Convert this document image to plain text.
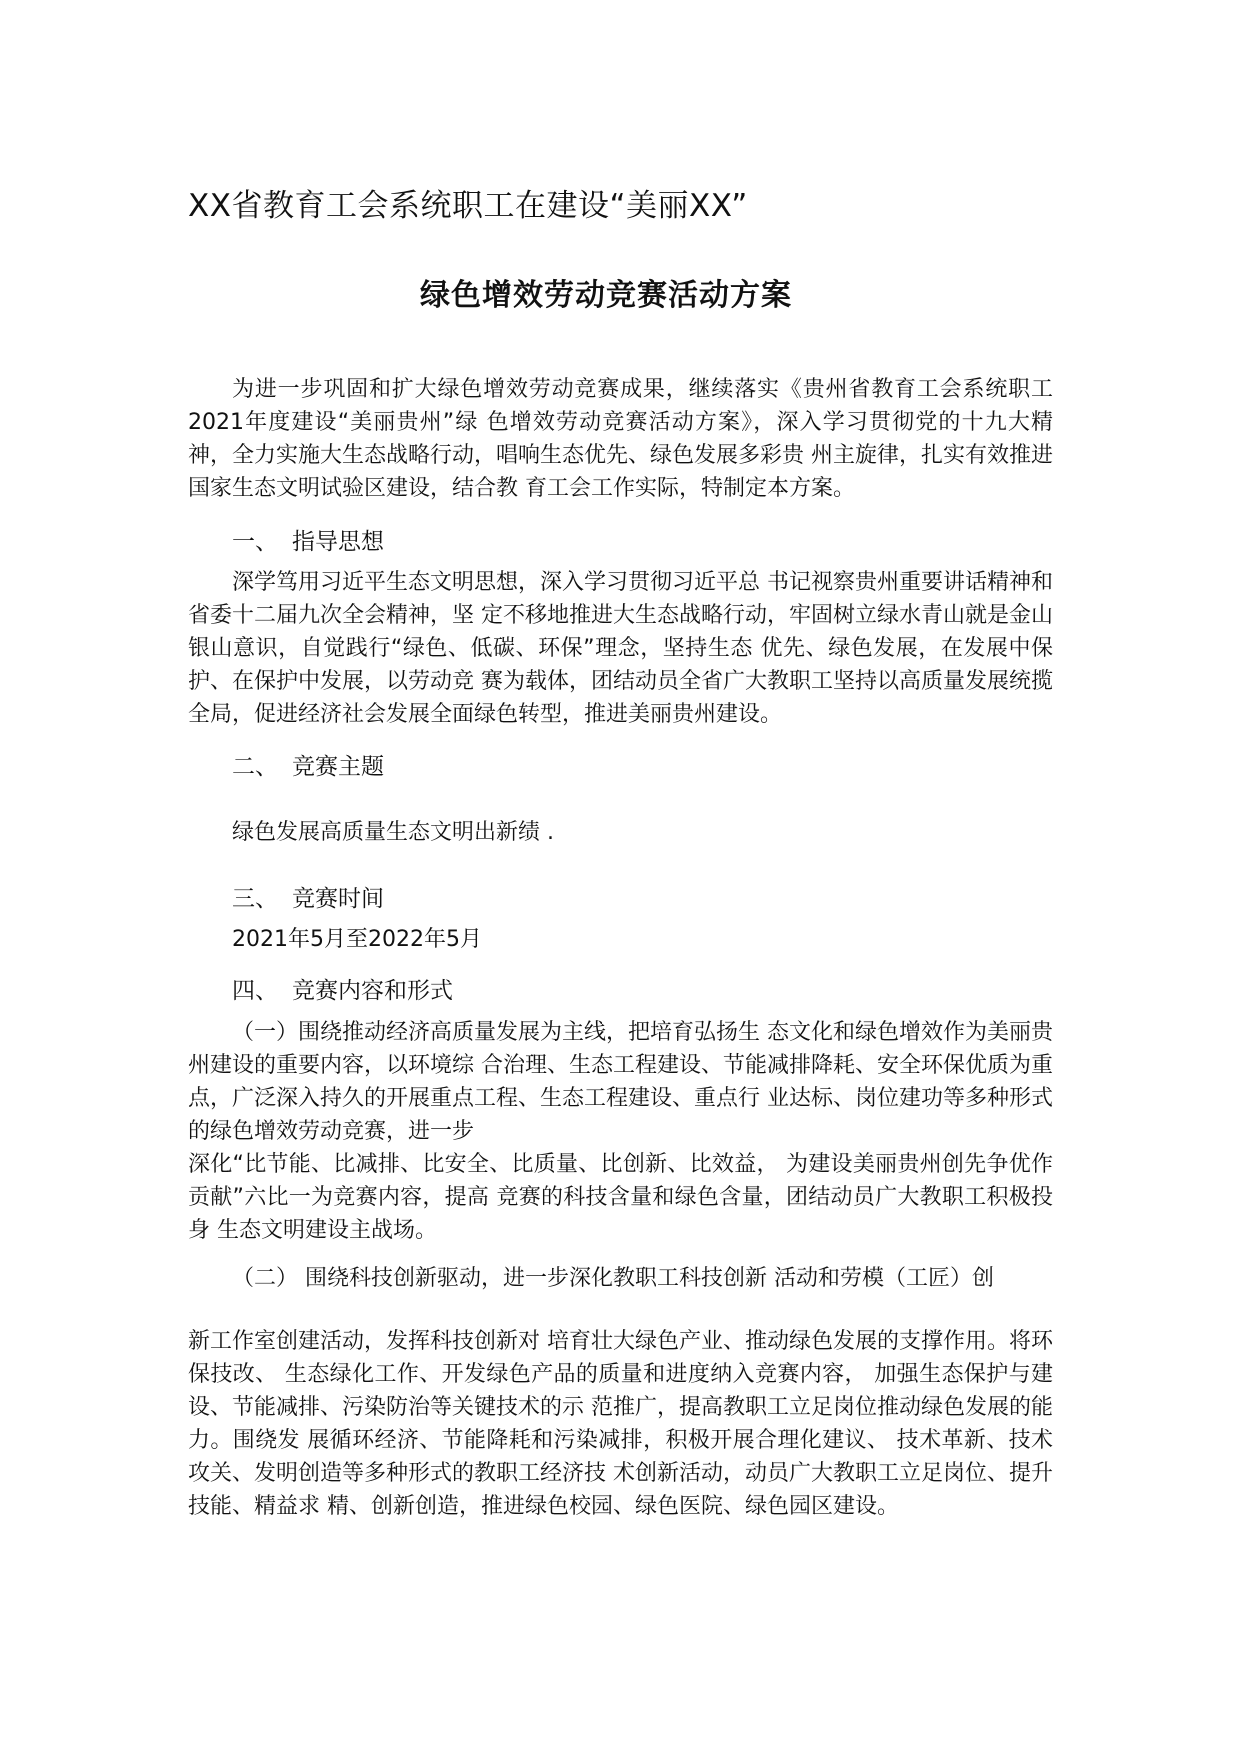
XX省教育工会系统职工在建设“美丽XX”
绿色增效劳动竞赛活动方案

为进一步巩固和扩大绿色增效劳动竞赛成果，继续落实《贵州省教育工会系统职工2021年度建设“美丽贵州”绿 色增效劳动竞赛活动方案》，深入学习贯彻党的十九大精神，全力实施大生态战略行动，唱响生态优先、绿色发展多彩贵 州主旋律，扎实有效推进国家生态文明试验区建设，结合教 育工会工作实际，特制定本方案。

一、 指导思想

深学笃用习近平生态文明思想，深入学习贯彻习近平总 书记视察贵州重要讲话精神和省委十二届九次全会精神，坚 定不移地推进大生态战略行动，牢固树立绿水青山就是金山 银山意识，自觉践行“绿色、低碳、环保”理念，坚持生态 优先、绿色发展，在发展中保护、在保护中发展，以劳动竞 赛为载体，团结动员全省广大教职工坚持以高质量发展统揽 全局，促进经济社会发展全面绿色转型，推进美丽贵州建设。

二、 竞赛主题
绿色发展高质量生态文明出新绩 .
三、 竞赛时间
2021年5月至2022年5月
四、 竞赛内容和形式

（一）围绕推动经济高质量发展为主线，把培育弘扬生 态文化和绿色增效作为美丽贵州建设的重要内容，以环境综 合治理、生态工程建设、节能减排降耗、安全环保优质为重 点，广泛深入持久的开展重点工程、生态工程建设、重点行 业达标、岗位建功等多种形式的绿色增效劳动竞赛，进一步

深化“比节能、比减排、比安全、比质量、比创新、比效益， 为建设美丽贵州创先争优作贡献”六比一为竞赛内容，提高 竞赛的科技含量和绿色含量，团结动员广大教职工积极投身 生态文明建设主战场。

（二） 围绕科技创新驱动，进一步深化教职工科技创新 活动和劳模（工匠）创

新工作室创建活动，发挥科技创新对 培育壮大绿色产业、推动绿色发展的支撑作用。将环保技改、 生态绿化工作、开发绿色产品的质量和进度纳入竞赛内容， 加强生态保护与建设、节能减排、污染防治等关键技术的示 范推广，提高教职工立足岗位推动绿色发展的能力。围绕发 展循环经济、节能降耗和污染减排，积极开展合理化建议、 技术革新、技术攻关、发明创造等多种形式的教职工经济技 术创新活动，动员广大教职工立足岗位、提升技能、精益求 精、创新创造，推进绿色校园、绿色医院、绿色园区建设。
